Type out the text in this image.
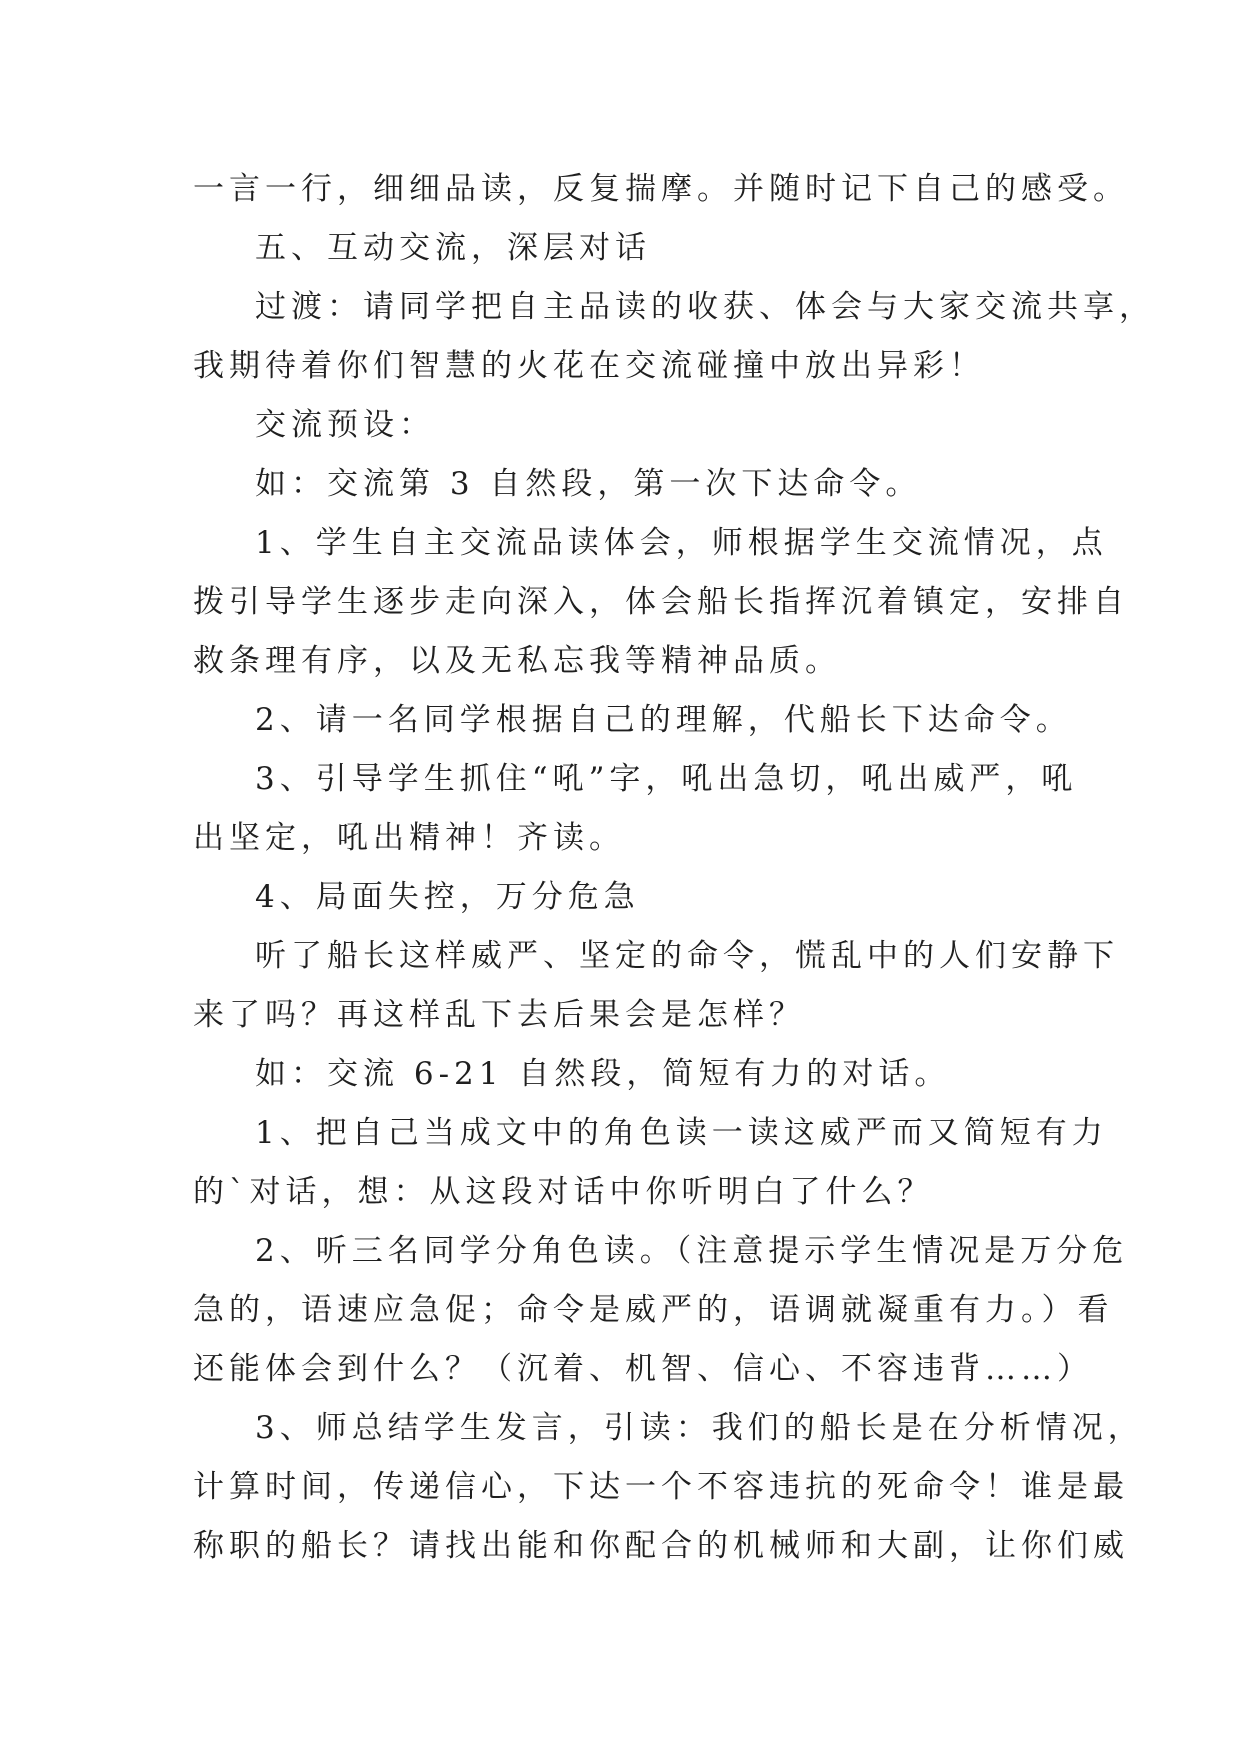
一言一行，细细品读，反复揣摩。并随时记下自己的感受。
五、互动交流，深层对话
过渡：请同学把自主品读的收获、体会与大家交流共享，
我期待着你们智慧的火花在交流碰撞中放出异彩！
交流预设：
如：交流第 3 自然段，第一次下达命令。
1、学生自主交流品读体会，师根据学生交流情况，点
拨引导学生逐步走向深入，体会船长指挥沉着镇定，安排自
救条理有序，以及无私忘我等精神品质。
2、请一名同学根据自己的理解，代船长下达命令。
3、引导学生抓住“吼”字，吼出急切，吼出威严，吼
出坚定，吼出精神！齐读。
4、局面失控，万分危急
听了船长这样威严、坚定的命令，慌乱中的人们安静下
来了吗？再这样乱下去后果会是怎样？
如：交流 6-21 自然段，简短有力的对话。
1、把自己当成文中的角色读一读这威严而又简短有力
的`对话，想：从这段对话中你听明白了什么？
2、听三名同学分角色读。（注意提示学生情况是万分危
急的，语速应急促；命令是威严的，语调就凝重有力。）看
还能体会到什么？（沉着、机智、信心、不容违背……）
3、师总结学生发言，引读：我们的船长是在分析情况，
计算时间，传递信心，下达一个不容违抗的死命令！谁是最
称职的船长？请找出能和你配合的机械师和大副，让你们威
